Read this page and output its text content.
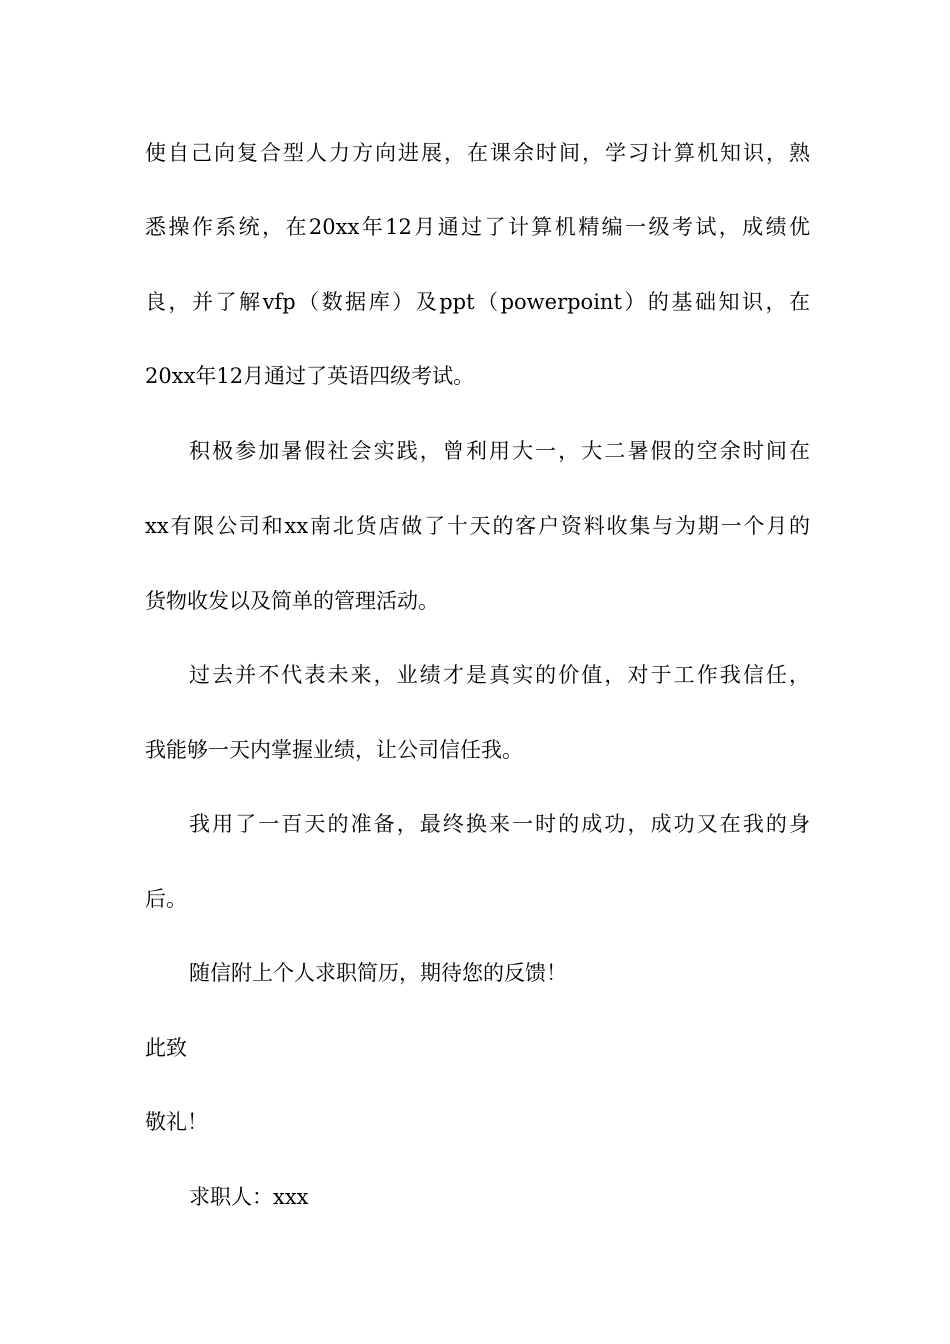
使自己向复合型人力方向进展，在课余时间，学习计算机知识，熟

悉操作系统，在20xx年12月通过了计算机精编一级考试，成绩优

良，并了解vfp（数据库）及ppt（powerpoint）的基础知识，在

20xx年12月通过了英语四级考试。

积极参加暑假社会实践，曾利用大一，大二暑假的空余时间在

xx有限公司和xx南北货店做了十天的客户资料收集与为期一个月的

货物收发以及简单的管理活动。

过去并不代表未来，业绩才是真实的价值，对于工作我信任，

我能够一天内掌握业绩，让公司信任我。

我用了一百天的准备，最终换来一时的成功，成功又在我的身

后。

随信附上个人求职简历，期待您的反馈！

此致

敬礼！

求职人：xxx
